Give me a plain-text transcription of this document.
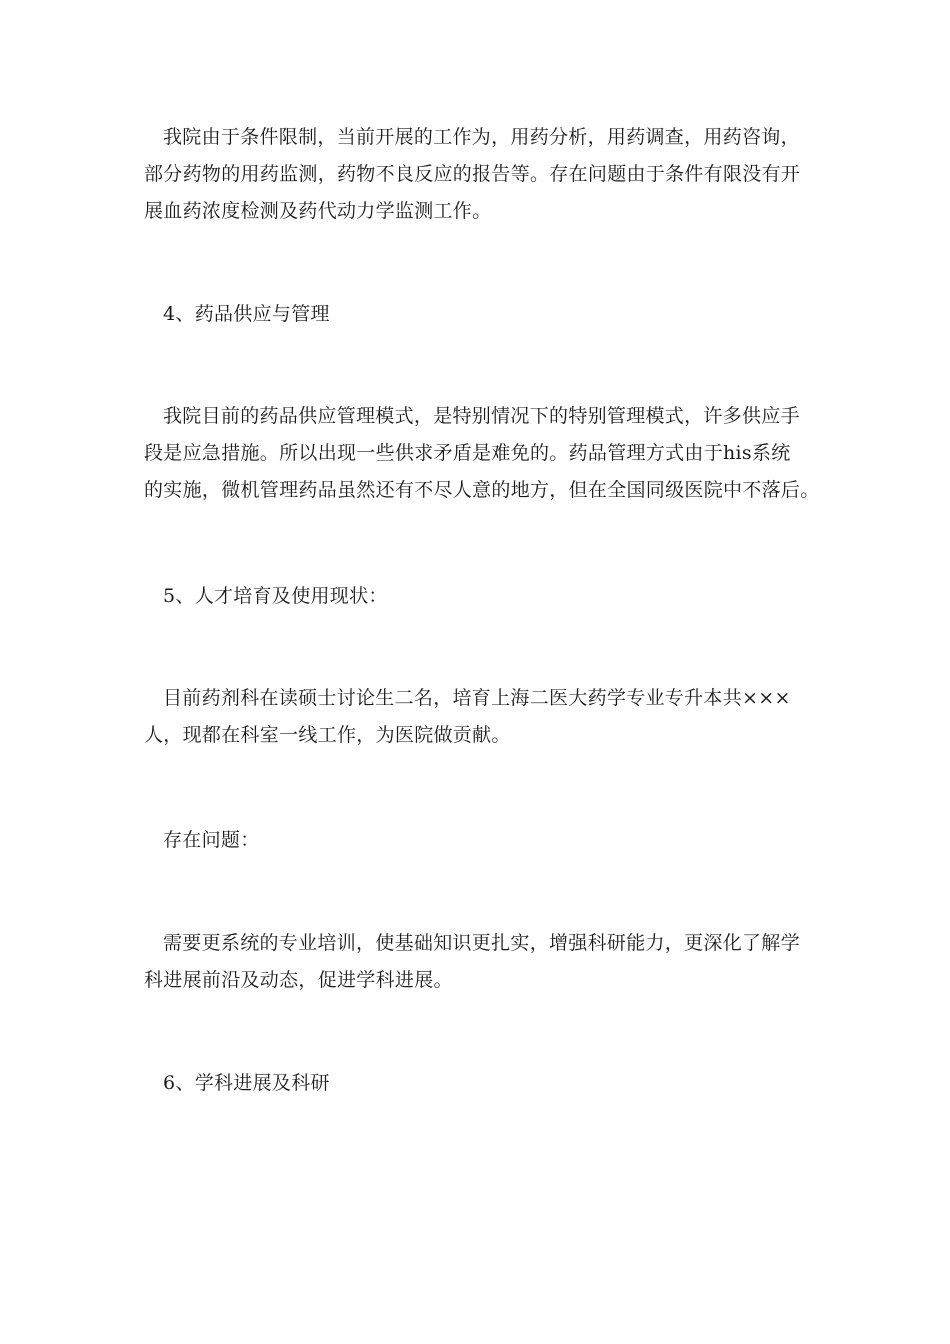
我院由于条件限制，当前开展的工作为，用药分析，用药调查，用药咨询，
部分药物的用药监测，药物不良反应的报告等。存在问题由于条件有限没有开
展血药浓度检测及药代动力学监测工作。
4、药品供应与管理
我院目前的药品供应管理模式，是特别情况下的特别管理模式，许多供应手
段是应急措施。所以出现一些供求矛盾是难免的。药品管理方式由于his系统
的实施，微机管理药品虽然还有不尽人意的地方，但在全国同级医院中不落后。
5、人才培育及使用现状：
目前药剂科在读硕士讨论生二名，培育上海二医大药学专业专升本共×××
人，现都在科室一线工作，为医院做贡献。
存在问题：
需要更系统的专业培训，使基础知识更扎实，增强科研能力，更深化了解学
科进展前沿及动态，促进学科进展。
6、学科进展及科研
